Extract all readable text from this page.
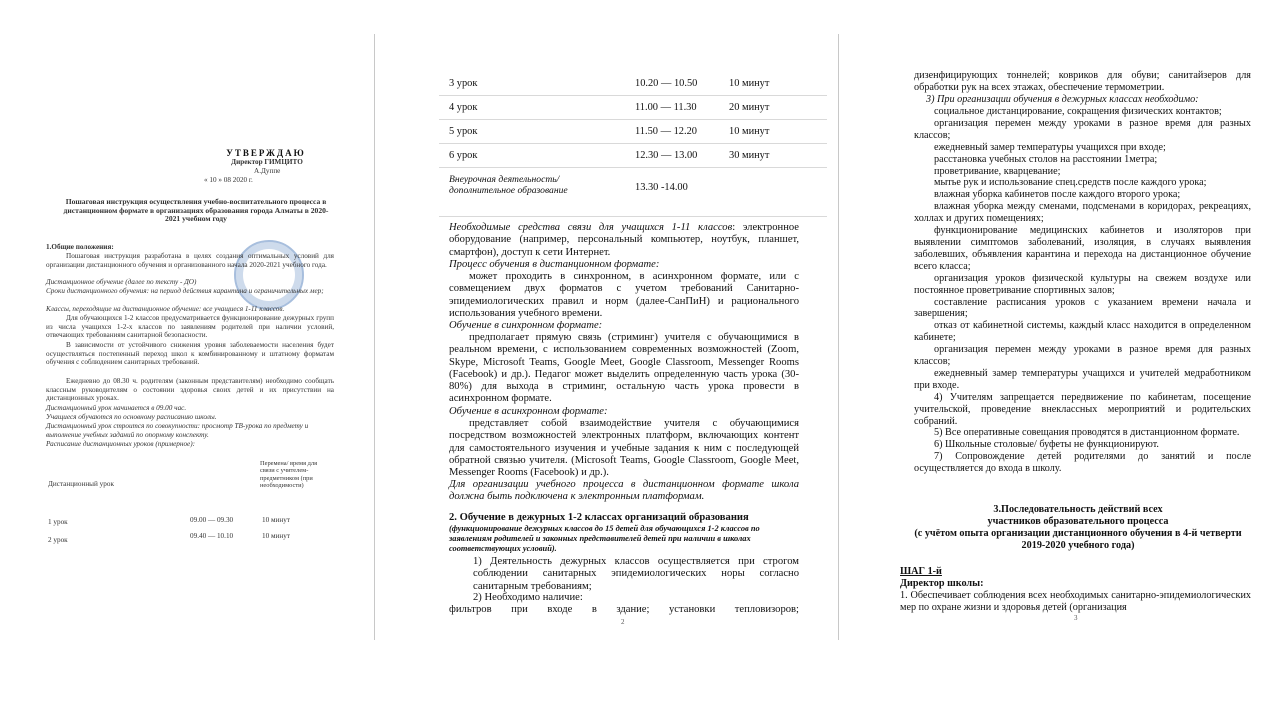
УТВЕРЖДАЮ
Директор ГИМЦИТО
А.Дуппе
« 10 » 08 2020 г.
Пошаговая инструкция осуществления учебно-воспитательного процесса в дистанционном формате в организациях образования города Алматы в 2020-2021 учебном году
1.Общие положения:
Пошаговая инструкция разработана в целях создания оптимальных условий для организации дистанционного обучения и организованного начала 2020-2021 учебного года.
Дистанционное обучение (далее по тексту - ДО)
Сроки дистанционного обучения: на период действия карантина и ограничительных мер;
Классы, переходящие на дистанционное обучение: все учащиеся 1-11 классов.
Для обучающихся 1-2 классов предусматривается функционирование дежурных групп из числа учащихся 1-2-х классов по заявлениям родителей при наличии условий, отвечающих требованиям санитарной безопасности.
В зависимости от устойчивого снижения уровня заболеваемости населения будет осуществляться постепенный переход школ к комбинированному и штатному форматам обучения с соблюдением санитарных требований.
Ежедневно до 08.30 ч. родителям (законным представителям) необходимо сообщать классным руководителям о состоянии здоровья своих детей и их присутствии на дистанционных уроках.
Дистанционный урок начинается в 09.00 час.
Учащиеся обучаются по основному расписанию школы.
Дистанционный урок строится по совокупности: просмотр ТВ-урока по предмету и выполнение учебных заданий по опорному конспекту.
Расписание дистанционных уроков (примерное):
Перемена/ время для связи с учителем-предметником (при необходимости)
Дистанционный урок
1 урок	09.00 — 09.30	10 минут
2 урок	09.40 — 10.10	10 минут
3 урок	10.20 — 10.50	10 минут
4 урок	11.00 — 11.30	20 минут
5 урок	11.50 — 12.20	10 минут
6 урок	12.30 — 13.00	30 минут
Внеурочная деятельность/дополнительное образование	13.30 -14.00
Необходимые средства связи для учащихся 1-11 классов: электронное оборудование (например, персональный компьютер, ноутбук, планшет, смартфон), доступ к сети Интернет.
Процесс обучения в дистанционном формате:
может проходить в синхронном, в асинхронном формате, или с совмещением двух форматов с учетом требований Санитарно-эпидемиологических правил и норм (далее-СанПиН) и рационального использования учебного времени.
Обучение в синхронном формате:
предполагает прямую связь (стриминг) учителя с обучающимися в реальном времени, с использованием современных возможностей (Zoom, Skype, Microsoft Teams, Google Meet, Google Classroom, Messenger Rooms (Facebook) и др.). Педагог может выделить определенную часть урока (30-80%) для выхода в стриминг, остальную часть урока провести в асинхронном формате.
Обучение в асинхронном формате:
представляет собой взаимодействие учителя с обучающимися посредством возможностей электронных платформ, включающих контент для самостоятельного изучения и учебные задания к ним с последующей обратной связью учителя. (Microsoft Teams, Google Classroom, Google Meet, Messenger Rooms (Facebook) и др.).
Для организации учебного процесса в дистанционном формате школа должна быть подключена к электронным платформам.
2. Обучение в дежурных 1-2 классах организаций образования
(функционирование дежурных классов до 15 детей для обучающихся 1-2 классов по заявлениям родителей и законных представителей детей при наличии в школах соответствующих условий).
1) Деятельность дежурных классов осуществляется при строгом соблюдении санитарных эпидемиологических норы согласно санитарным требованиям;
2) Необходимо наличие:
фильтров при входе в здание; установки тепловизоров;
2
дизенфицирующих тоннелей; ковриков для обуви; санитайзеров для обработки рук на всех этажах, обеспечение термометрии.
3) При организации обучения в дежурных классах необходимо:
социальное дистанцирование, сокращения физических контактов;
организация перемен между уроками в разное время для разных классов;
ежедневный замер температуры учащихся при входе;
расстановка учебных столов на расстоянии 1метра;
проветривание, кварцевание;
мытье рук и использование спец.средств после каждого урока;
влажная уборка кабинетов после каждого второго урока;
влажная уборка между сменами, подсменами в коридорах, рекреациях, холлах и других помещениях;
функционирование медицинских кабинетов и изоляторов при выявлении симптомов заболеваний, изоляция, в случаях выявления заболевших, объявления карантина и перехода на дистанционное обучение всего класса;
организация уроков физической культуры на свежем воздухе или постоянное проветривание спортивных залов;
составление расписания уроков с указанием времени начала и завершения;
отказ от кабинетной системы, каждый класс находится в определенном кабинете;
организация перемен между уроками в разное время для разных классов;
ежедневный замер температуры учащихся и учителей медработником при входе.
4) Учителям запрещается передвижение по кабинетам, посещение учительской, проведение внеклассных мероприятий и родительских собраний.
5) Все оперативные совещания проводятся в дистанционном формате.
6) Школьные столовые/ буфеты не функционируют.
7) Сопровождение детей родителями до занятий и после осуществляется до входа в школу.
3.Последовательность действий всех
участников образовательного процесса
(с учётом опыта организации дистанционного обучения в 4-й четверти
2019-2020 учебного года)
ШАГ 1-й
Директор школы:
1. Обеспечивает соблюдения всех необходимых санитарно-эпидемиологических мер по охране жизни и здоровья детей (организация
3
